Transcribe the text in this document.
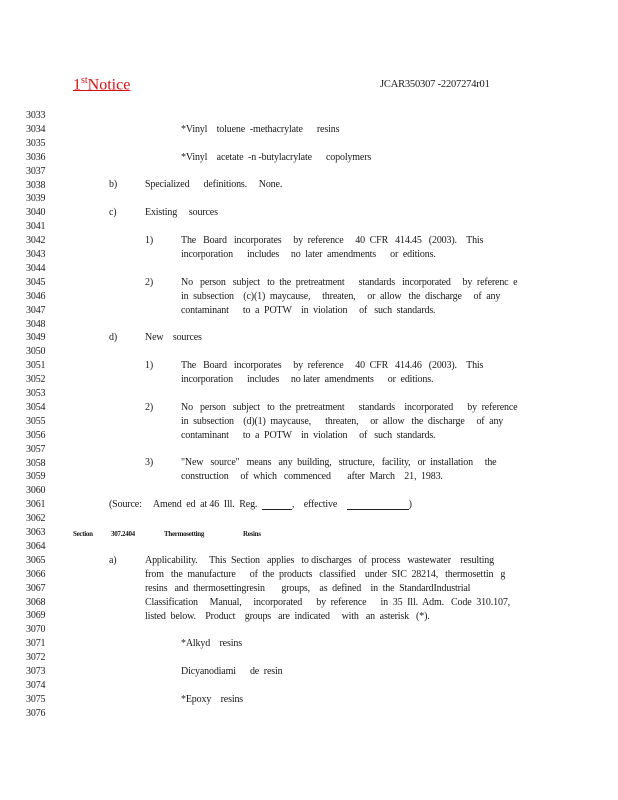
1stNotice	JCAR350307 -2207274r01
3033
3034
3035
3036
3037
3038
3039
3040
3041
3042
3043
3044
3045
3046
3047
3048
3049
3050
3051
3052
3053
3054
3055
3056
3057
3058
3059
3060
3061
3062
3063
3064
3065
3066
3067
3068
3069
3070
3071
3072
3073
3074
3075
3076
*Vinyl    toluene  -methacrylate      resins
*Vinyl    acetate  -n -butylacrylate      copolymers
b)	Specialized      definitions.     None.
c)	Existing     sources
1)	The   Board   incorporates     by  reference     40  CFR   414.45   (2003).    This
incorporation      includes     no  later  amendments      or  editions.
2)	No   person   subject   to  the  pretreatment      standards   incorporated     by  referenc  e
in  subsection    (c)(1)  maycause,     threaten,     or  allow   the  discharge     of  any
contaminant      to  a  POTW    in  violation     of   such  standards.
d)	New    sources
1)	The   Board   incorporates     by  reference     40  CFR   414.46   (2003).    This
incorporation      includes     no later  amendments      or  editions.
2)	No   person   subject   to  the  pretreatment      standards    incorporated      by  reference
in  subsection    (d)(1)  maycause,      threaten,     or  allow   the  discharge     of  any
contaminant      to  a  POTW    in  violation     of   such  standards.
3)	"New   source"   means   any  building,   structure,   facility,   or  installation     the
construction     of  which   commenced       after  March    21,  1983.
(Source:     Amend  ed  at 46  Ill.  Reg.	,    effective	)
Section	307.2404	Thermosetting	Resins
a)	Applicability.     This  Section   applies   to discharges   of  process   wastewater    resulting
from   the  manufacture      of  the  products   classified    under  SIC  28214,   thermosettin   g
resins   and  thermosettingresin       groups,    as  defined    in  the  StandardIndustrial
Classification     Manual,     incorporated      by  reference      in  35  Ill.  Adm.   Code  310.107,
listed  below.    Product    groups   are  indicated     with   an  asterisk   (*).
*Alkyd    resins
Dicyanodiami      de  resin
*Epoxy    resins
